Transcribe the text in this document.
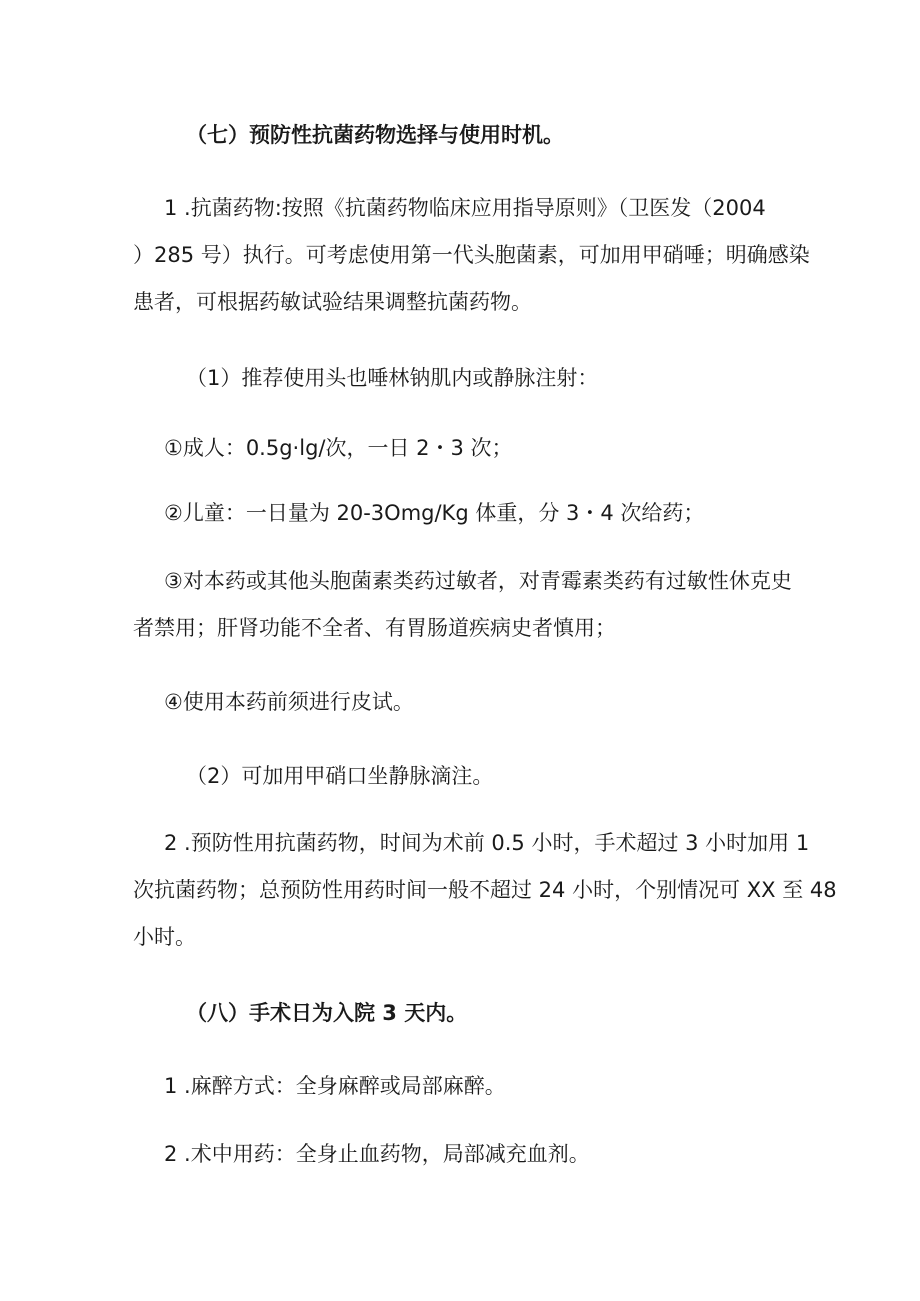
（七）预防性抗菌药物选择与使用时机。

1 .抗菌药物:按照《抗菌药物临床应用指导原则》（卫医发（2004
）285 号）执行。可考虑使用第一代头胞菌素，可加用甲硝唾；明确感染
患者，可根据药敏试验结果调整抗菌药物。

（1）推荐使用头也唾林钠肌内或静脉注射：

①成人：0.5g·lg/次，一日 2・3 次；

②儿童：一日量为 20-3Omg/Kg 体重，分 3・4 次给药；

③对本药或其他头胞菌素类药过敏者，对青霉素类药有过敏性休克史
者禁用；肝肾功能不全者、有胃肠道疾病史者慎用；

④使用本药前须进行皮试。

（2）可加用甲硝口坐静脉滴注。

2 .预防性用抗菌药物，时间为术前 0.5 小时，手术超过 3 小时加用 1
次抗菌药物；总预防性用药时间一般不超过 24 小时，个别情况可 XX 至 48
小时。

（八）手术日为入院 3 天内。

1 .麻醉方式：全身麻醉或局部麻醉。

2 .术中用药：全身止血药物，局部减充血剂。
